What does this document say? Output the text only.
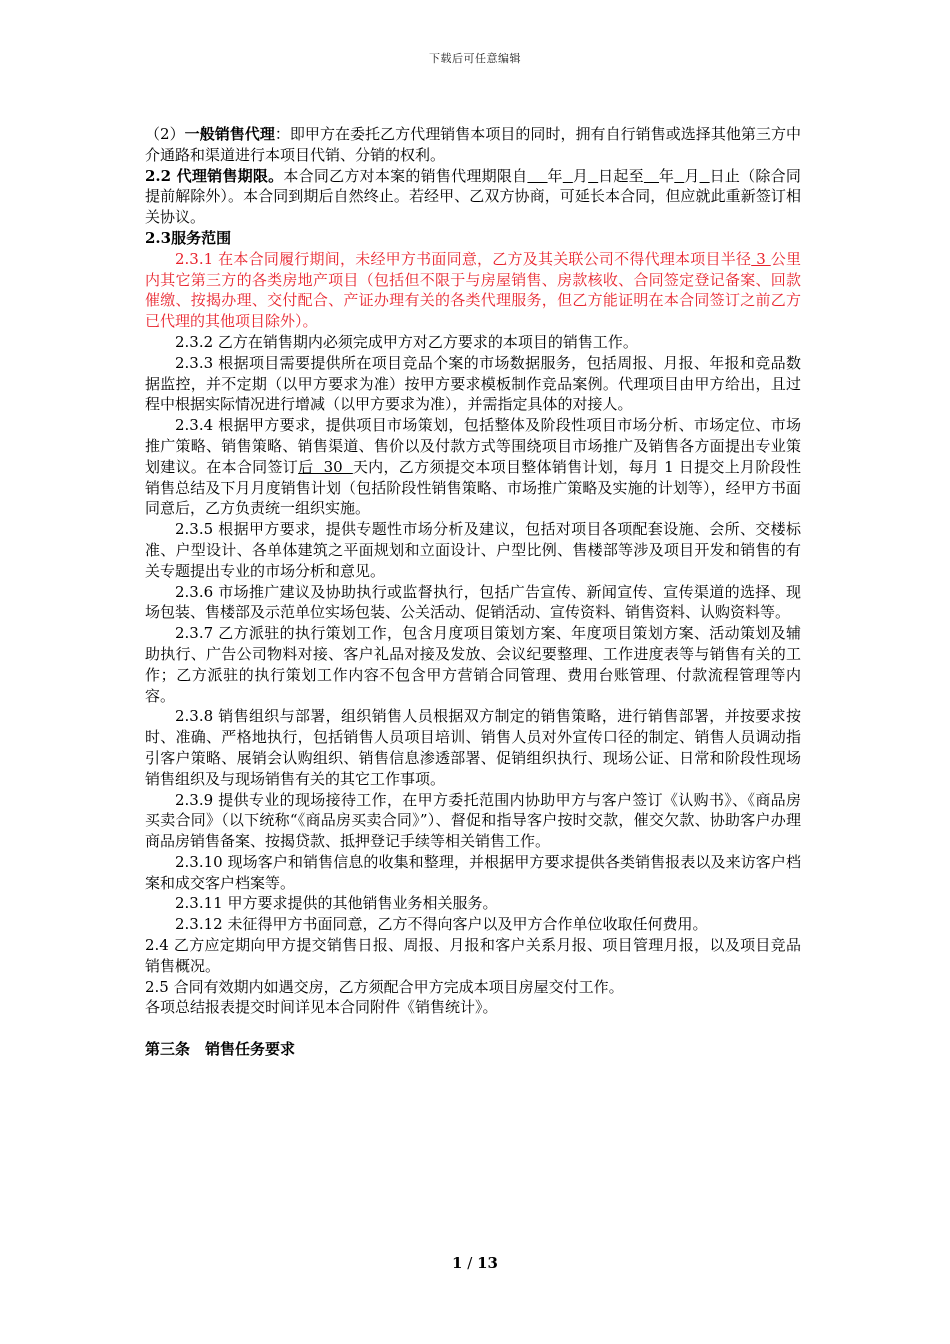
下载后可任意编辑

（2）一般销售代理：即甲方在委托乙方代理销售本项目的同时，拥有自行销售或选择其他第三方中介通路和渠道进行本项目代销、分销的权利。

2.2 代理销售期限。本合同乙方对本案的销售代理期限自 年 月 日起至 年 月 日止（除合同提前解除外）。本合同到期后自然终止。若经甲、乙双方协商，可延长本合同，但应就此重新签订相关协议。

2.3服务范围

2.3.1 在本合同履行期间，未经甲方书面同意，乙方及其关联公司不得代理本项目半径 3 公里内其它第三方的各类房地产项目（包括但不限于与房屋销售、房款核收、合同签定登记备案、回款催缴、按揭办理、交付配合、产证办理有关的各类代理服务，但乙方能证明在本合同签订之前乙方已代理的其他项目除外）。

2.3.2 乙方在销售期内必须完成甲方对乙方要求的本项目的销售工作。

2.3.3 根据项目需要提供所在项目竞品个案的市场数据服务，包括周报、月报、年报和竞品数据监控，并不定期（以甲方要求为准）按甲方要求模板制作竞品案例。代理项目由甲方给出，且过程中根据实际情况进行增减（以甲方要求为准），并需指定具体的对接人。

2.3.4 根据甲方要求，提供项目市场策划，包括整体及阶段性项目市场分析、市场定位、市场推广策略、销售策略、销售渠道、售价以及付款方式等围绕项目市场推广及销售各方面提出专业策划建议。在本合同签订后  30  天内，乙方须提交本项目整体销售计划，每月 1 日提交上月阶段性销售总结及下月月度销售计划（包括阶段性销售策略、市场推广策略及实施的计划等），经甲方书面同意后，乙方负责统一组织实施。

2.3.5 根据甲方要求，提供专题性市场分析及建议，包括对项目各项配套设施、会所、交楼标准、户型设计、各单体建筑之平面规划和立面设计、户型比例、售楼部等涉及项目开发和销售的有关专题提出专业的市场分析和意见。

2.3.6 市场推广建议及协助执行或监督执行，包括广告宣传、新闻宣传、宣传渠道的选择、现场包装、售楼部及示范单位实场包装、公关活动、促销活动、宣传资料、销售资料、认购资料等。

2.3.7 乙方派驻的执行策划工作，包含月度项目策划方案、年度项目策划方案、活动策划及辅助执行、广告公司物料对接、客户礼品对接及发放、会议纪要整理、工作进度表等与销售有关的工作；乙方派驻的执行策划工作内容不包含甲方营销合同管理、费用台账管理、付款流程管理等内容。

2.3.8 销售组织与部署，组织销售人员根据双方制定的销售策略，进行销售部署，并按要求按时、准确、严格地执行，包括销售人员项目培训、销售人员对外宣传口径的制定、销售人员调动指引客户策略、展销会认购组织、销售信息渗透部署、促销组织执行、现场公证、日常和阶段性现场销售组织及与现场销售有关的其它工作事项。

2.3.9 提供专业的现场接待工作，在甲方委托范围内协助甲方与客户签订《认购书》、《商品房买卖合同》（以下统称“《商品房买卖合同》”）、督促和指导客户按时交款，催交欠款、协助客户办理商品房销售备案、按揭贷款、抵押登记手续等相关销售工作。

2.3.10 现场客户和销售信息的收集和整理，并根据甲方要求提供各类销售报表以及来访客户档案和成交客户档案等。

2.3.11 甲方要求提供的其他销售业务相关服务。

2.3.12 未征得甲方书面同意，乙方不得向客户以及甲方合作单位收取任何费用。

2.4 乙方应定期向甲方提交销售日报、周报、月报和客户关系月报、项目管理月报，以及项目竞品销售概况。

2.5 合同有效期内如遇交房，乙方须配合甲方完成本项目房屋交付工作。

各项总结报表提交时间详见本合同附件《销售统计》。

第三条　销售任务要求

1 / 13
